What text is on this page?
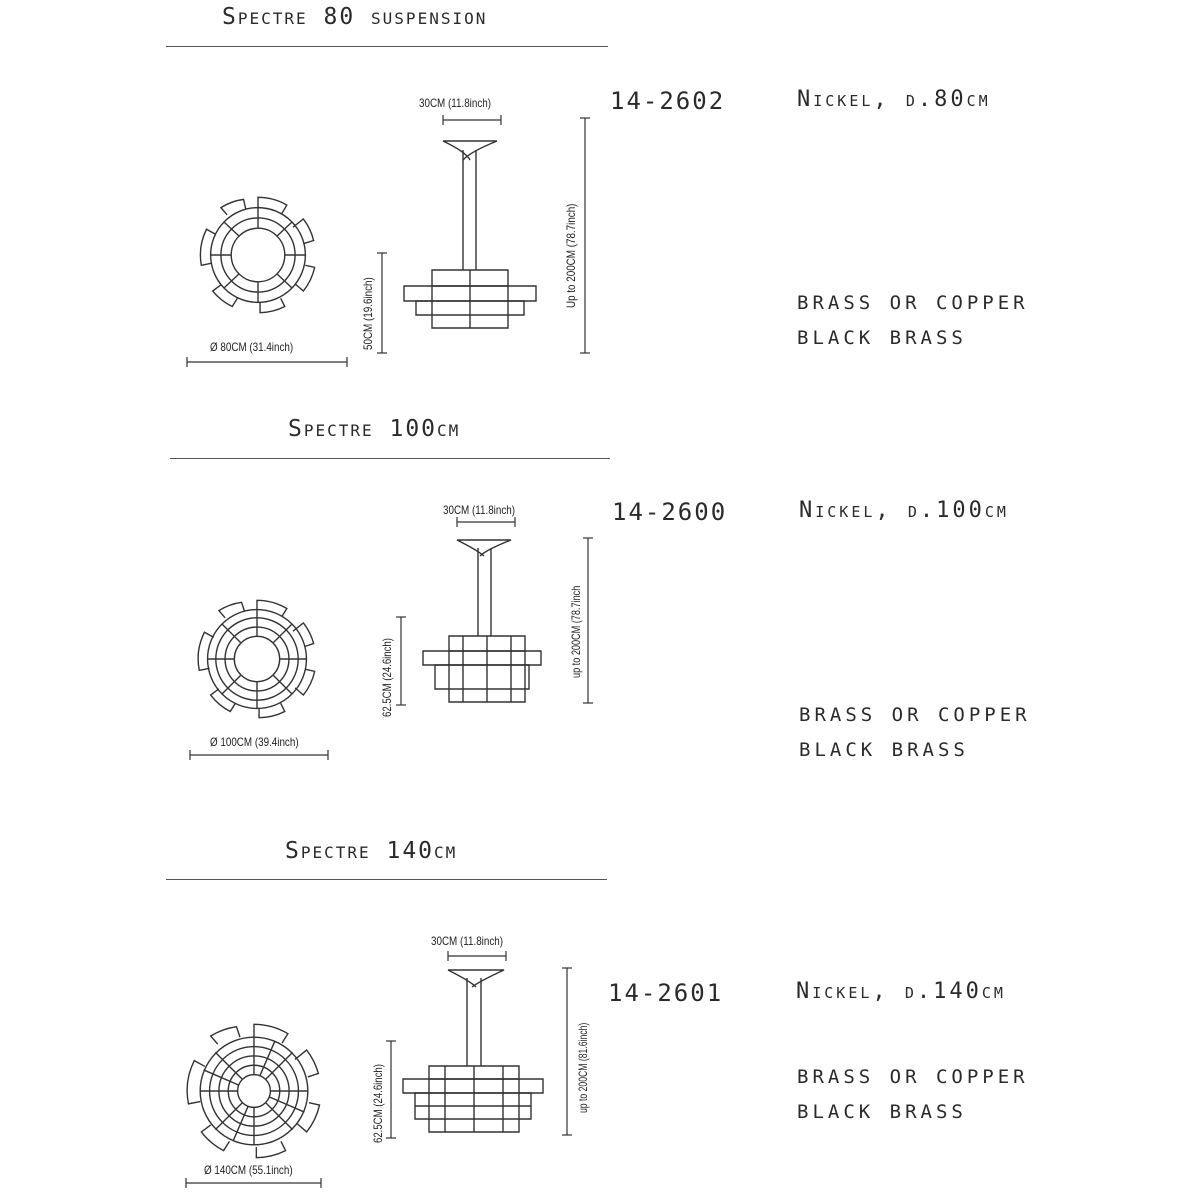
Spectre 80 suspension
14-2602	Nickel, d.80cm
BRASS OR COPPER
BLACK BRASS
30CM (11.8inch)
Ø 80CM (31.4inch)	50CM (19.6inch)
Up to 200CM (78.7inch)
Spectre 100cm
14-2600	Nickel, d.100cm
BRASS OR COPPER
BLACK BRASS
30CM (11.8inch)
Ø 100CM (39.4inch)
62.5CM (24.6inch)	up to 200CM (78.7inch
Spectre 140cm
14-2601	Nickel, d.140cm
BRASS OR COPPER
BLACK BRASS
30CM (11.8inch)
Ø 140CM (55.1inch)
62.5CM (24.6inch)	up to 200CM (81.6inch)
